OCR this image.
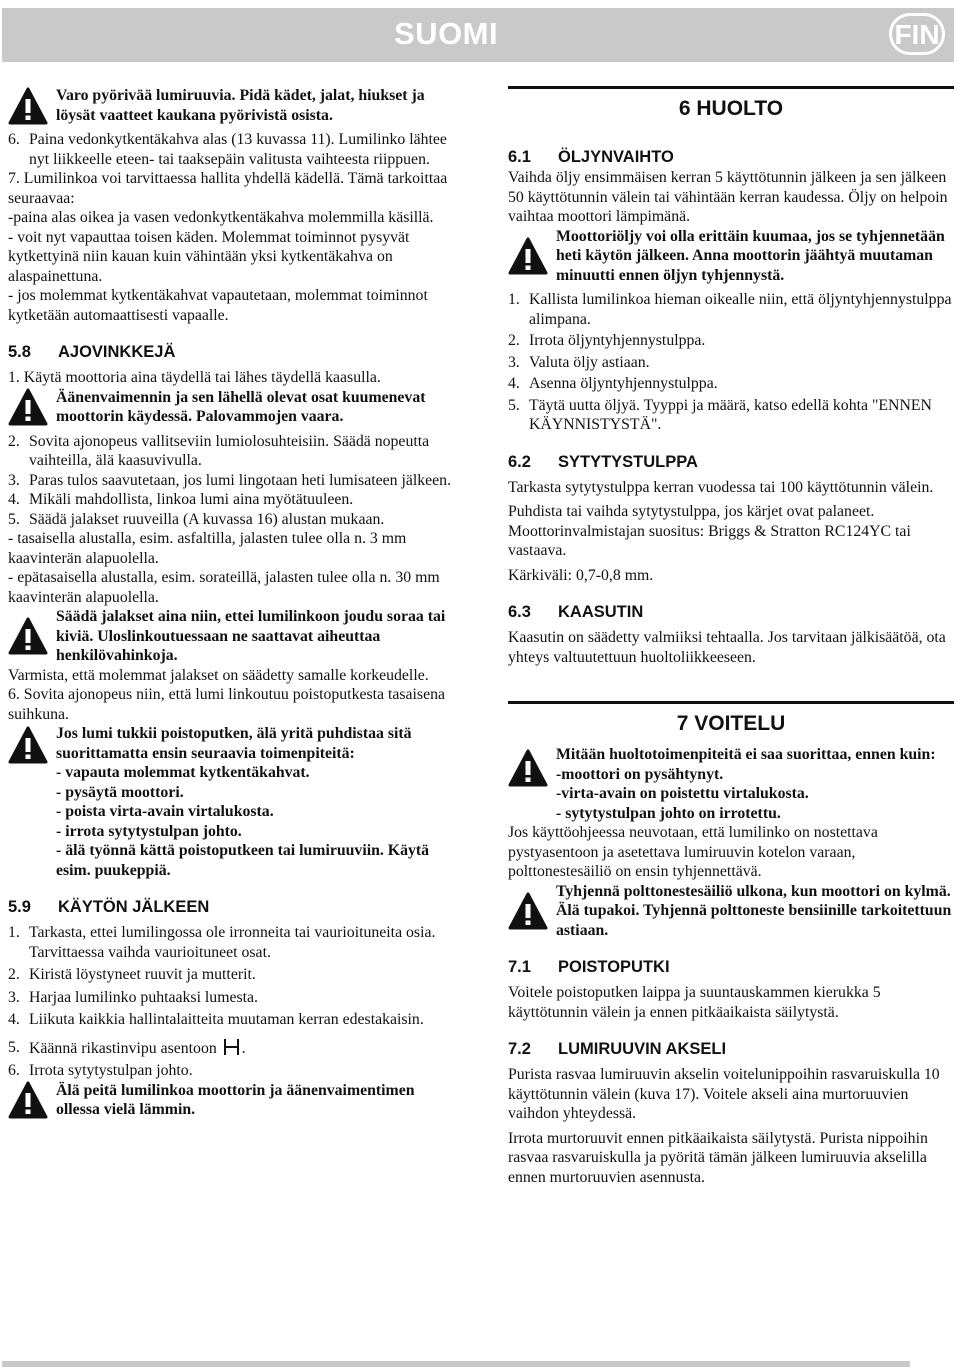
SUOMI	FIN

Varo pyörivää lumiruuvia. Pidä kädet, jalat, hiukset ja löysät vaatteet kaukana pyörivistä osista.

6. Paina vedonkytkentäkahva alas (13 kuvassa 11). Lumilinko lähtee nyt liikkeelle eteen- tai taaksepäin valitusta vaihteesta riippuen.

7. Lumilinkoa voi tarvittaessa hallita yhdellä kädellä. Tämä tarkoittaa seuraavaa:

-paina alas oikea ja vasen vedonkytkentäkahva molemmilla käsillä.

- voit nyt vapauttaa toisen käden. Molemmat toiminnot pysyvät kytkettyinä niin kauan kuin vähintään yksi kytkentäkahva on alaspainettuna.

- jos molemmat kytkentäkahvat vapautetaan, molemmat toiminnot kytketään automaattisesti vapaalle.

5.8	AJOVINKKEJÄ

1. Käytä moottoria aina täydellä tai lähes täydellä kaasulla.

Äänenvaimennin ja sen lähellä olevat osat kuumenevat moottorin käydessä. Palovammojen vaara.

2. Sovita ajonopeus vallitseviin lumiolosuhteisiin. Säädä nopeutta vaihteilla, älä kaasuvivulla.

3. Paras tulos saavutetaan, jos lumi lingotaan heti lumisateen jälkeen.

4. Mikäli mahdollista, linkoa lumi aina myötätuuleen.

5. Säädä jalakset ruuveilla (A kuvassa 16) alustan mukaan.

- tasaisella alustalla, esim. asfaltilla, jalasten tulee olla n. 3 mm kaavinterän alapuolella.

- epätasaisella alustalla, esim. sorateillä, jalasten tulee olla n. 30 mm kaavinterän alapuolella.

Säädä jalakset aina niin, ettei lumilinkoon joudu soraa tai kiviä. Uloslinkoutuessaan ne saattavat aiheuttaa henkilövahinkoja.

Varmista, että molemmat jalakset on säädetty samalle korkeudelle.

6. Sovita ajonopeus niin, että lumi linkoutuu poistoputkesta tasaisena suihkuna.

Jos lumi tukkii poistoputken, älä yritä puhdistaa sitä suorittamatta ensin seuraavia toimenpiteitä:

- vapauta molemmat kytkentäkahvat.

- pysäytä moottori.

- poista virta-avain virtalukosta.

- irrota sytytystulpan johto.

- älä työnnä kättä poistoputkeen tai lumiruuviin. Käytä esim. puukeppiä.

5.9	KÄYTÖN JÄLKEEN
1. Tarkasta, ettei lumilingossa ole irronneita tai vaurioituneita osia. Tarvittaessa vaihda vaurioituneet osat.

2. Kiristä löystyneet ruuvit ja mutterit.

3. Harjaa lumilinko puhtaaksi lumesta.

4. Liikuta kaikkia hallintalaitteita muutaman kerran edestakaisin.

5. Käännä rikastinvipu asentoon .

6. Irrota sytytystulpan johto.

Älä peitä lumilinkoa moottorin ja äänenvaimentimen ollessa vielä lämmin.

6 HUOLTO
6.1	ÖLJYNVAIHTO

Vaihda öljy ensimmäisen kerran 5 käyttötunnin jälkeen ja sen jälkeen 50 käyttötunnin välein tai vähintään kerran kaudessa. Öljy on helpoin vaihtaa moottori lämpimänä.

Moottoriöljy voi olla erittäin kuumaa, jos se tyhjennetään heti käytön jälkeen. Anna moottorin jäähtyä muutaman minuutti ennen öljyn tyhjennystä.

1. Kallista lumilinkoa hieman oikealle niin, että öljyntyhjennystulppa alimpana.

2. Irrota öljyntyhjennystulppa.

3. Valuta öljy astiaan.

4. Asenna öljyntyhjennystulppa.

5. Täytä uutta öljyä. Tyyppi ja määrä, katso edellä kohta "ENNEN KÄYNNISTYSTÄ".

6.2	SYTYTYSTULPPA

Tarkasta sytytystulppa kerran vuodessa tai 100 käyttötunnin välein.

Puhdista tai vaihda sytytystulppa, jos kärjet ovat palaneet. Moottorinvalmistajan suositus: Briggs & Stratton RC124YC tai vastaava.

Kärkiväli: 0,7-0,8 mm.

6.3	KAASUTIN

Kaasutin on säädetty valmiiksi tehtaalla. Jos tarvitaan jälkisäätöä, ota yhteys valtuutettuun huoltoliikkeeseen.

7 VOITELU

Mitään huoltotoimenpiteitä ei saa suorittaa, ennen kuin:

-moottori on pysähtynyt.

-virta-avain on poistettu virtalukosta.

- sytytystulpan johto on irrotettu.

Jos käyttöohjeessa neuvotaan, että lumilinko on nostettava pystyasentoon ja asetettava lumiruuvin kotelon varaan, polttonestesäiliö on ensin tyhjennettävä.

Tyhjennä polttonestesäiliö ulkona, kun moottori on kylmä. Älä tupakoi. Tyhjennä polttoneste bensiinille tarkoitettuun astiaan.

7.1	POISTOPUTKI

Voitele poistoputken laippa ja suuntauskammen kierukka 5 käyttötunnin välein ja ennen pitkäaikaista säilytystä.

7.2	LUMIRUUVIN AKSELI

Purista rasvaa lumiruuvin akselin voitelunippoihin rasvaruiskulla 10 käyttötunnin välein (kuva 17). Voitele akseli aina murtoruuvien vaihdon yhteydessä.

Irrota murtoruuvit ennen pitkäaikaista säilytystä. Purista nippoihin rasvaa rasvaruiskulla ja pyöritä tämän jälkeen lumiruuvia akselilla ennen murtoruuvien asennusta.
